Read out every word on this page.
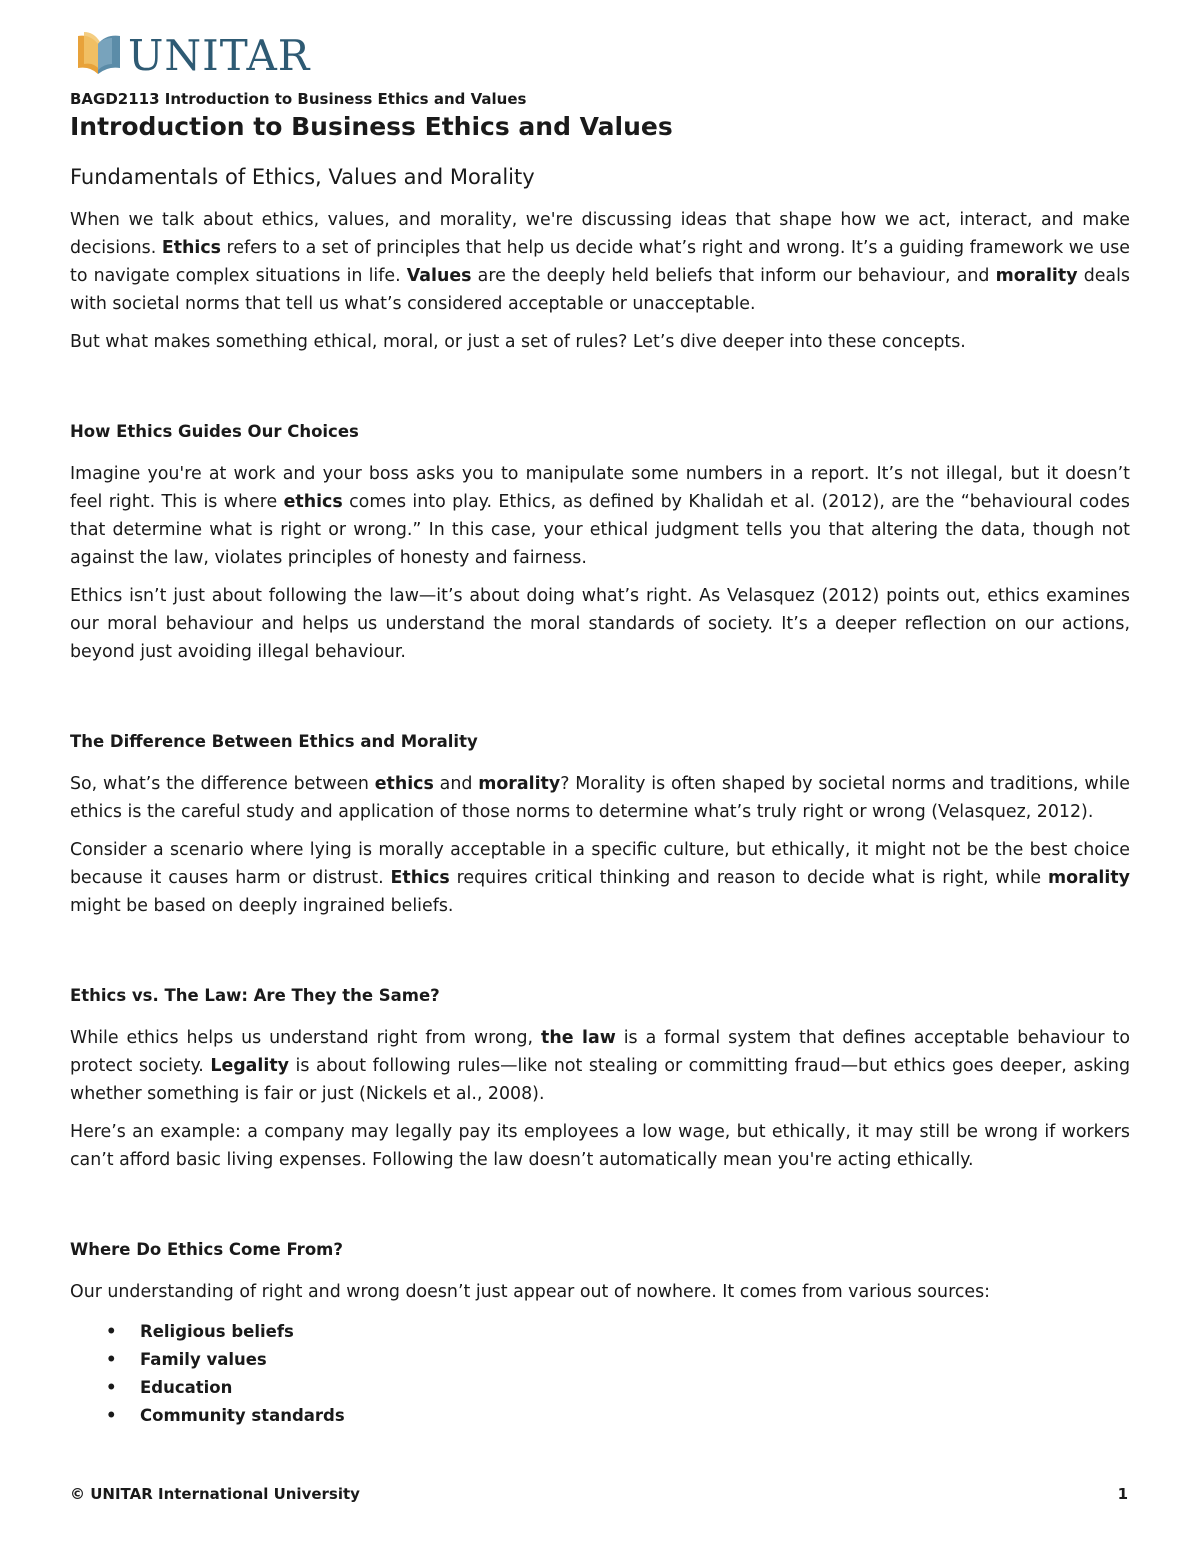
UNITAR
BAGD2113 Introduction to Business Ethics and Values
Introduction to Business Ethics and Values
Fundamentals of Ethics, Values and Morality

When we talk about ethics, values, and morality, we're discussing ideas that shape how we act, interact, and make decisions. Ethics refers to a set of principles that help us decide what’s right and wrong. It’s a guiding framework we use to navigate complex situations in life. Values are the deeply held beliefs that inform our behaviour, and morality deals with societal norms that tell us what’s considered acceptable or unacceptable.

But what makes something ethical, moral, or just a set of rules? Let’s dive deeper into these concepts.

How Ethics Guides Our Choices

Imagine you're at work and your boss asks you to manipulate some numbers in a report. It’s not illegal, but it doesn’t feel right. This is where ethics comes into play. Ethics, as defined by Khalidah et al. (2012), are the “behavioural codes that determine what is right or wrong.” In this case, your ethical judgment tells you that altering the data, though not against the law, violates principles of honesty and fairness.

Ethics isn’t just about following the law—it’s about doing what’s right. As Velasquez (2012) points out, ethics examines our moral behaviour and helps us understand the moral standards of society. It’s a deeper reflection on our actions, beyond just avoiding illegal behaviour.

The Difference Between Ethics and Morality

So, what’s the difference between ethics and morality? Morality is often shaped by societal norms and traditions, while ethics is the careful study and application of those norms to determine what’s truly right or wrong (Velasquez, 2012).

Consider a scenario where lying is morally acceptable in a specific culture, but ethically, it might not be the best choice because it causes harm or distrust. Ethics requires critical thinking and reason to decide what is right, while morality might be based on deeply ingrained beliefs.

Ethics vs. The Law: Are They the Same?

While ethics helps us understand right from wrong, the law is a formal system that defines acceptable behaviour to protect society. Legality is about following rules—like not stealing or committing fraud—but ethics goes deeper, asking whether something is fair or just (Nickels et al., 2008).

Here’s an example: a company may legally pay its employees a low wage, but ethically, it may still be wrong if workers can’t afford basic living expenses. Following the law doesn’t automatically mean you're acting ethically.

Where Do Ethics Come From?

Our understanding of right and wrong doesn’t just appear out of nowhere. It comes from various sources:

• Religious beliefs
• Family values
• Education
• Community standards
© UNITAR International University	1
